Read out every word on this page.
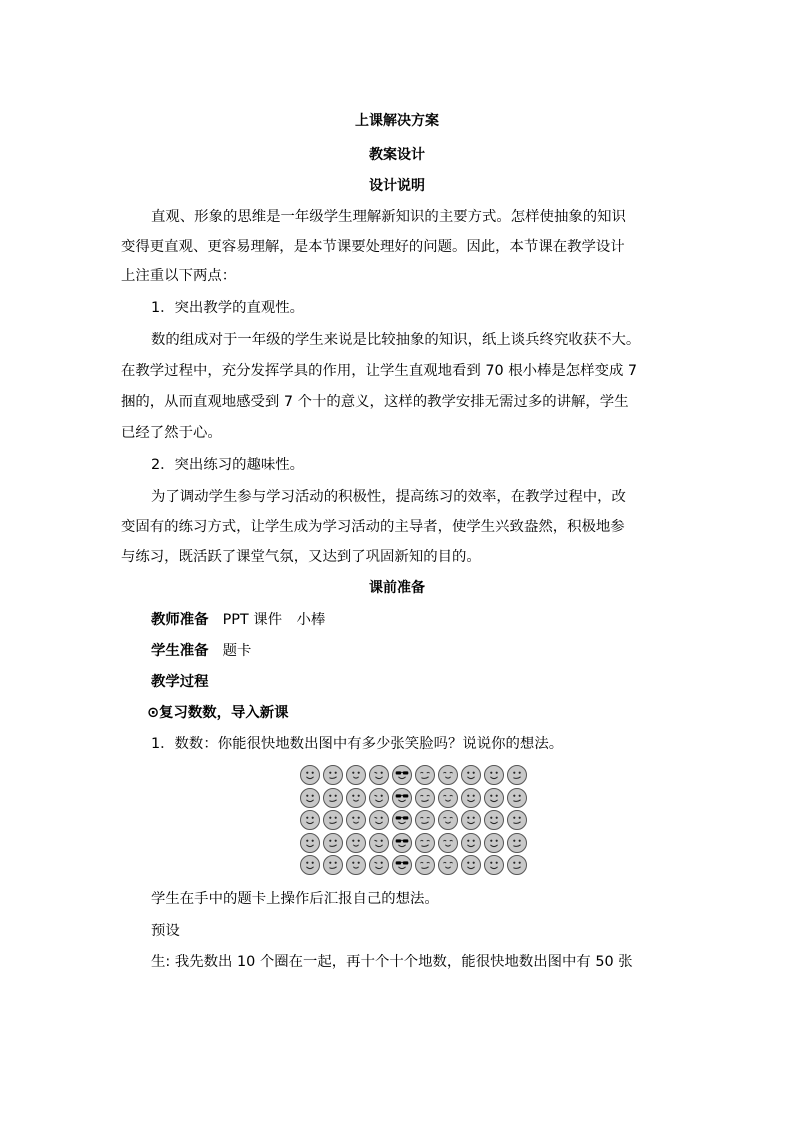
上课解决方案
教案设计
设计说明
直观、形象的思维是一年级学生理解新知识的主要方式。怎样使抽象的知识
变得更直观、更容易理解，是本节课要处理好的问题。因此，本节课在教学设计
上注重以下两点：
1．突出教学的直观性。
数的组成对于一年级的学生来说是比较抽象的知识，纸上谈兵终究收获不大。
在教学过程中，充分发挥学具的作用，让学生直观地看到 70 根小棒是怎样变成 7
捆的，从而直观地感受到 7 个十的意义，这样的教学安排无需过多的讲解，学生
已经了然于心。
2．突出练习的趣味性。
为了调动学生参与学习活动的积极性，提高练习的效率，在教学过程中，改
变固有的练习方式，让学生成为学习活动的主导者，使学生兴致盎然，积极地参
与练习，既活跃了课堂气氛，又达到了巩固新知的目的。
课前准备
教师准备 PPT 课件　小棒
学生准备 题卡
教学过程
⊙复习数数，导入新课
1．数数：你能很快地数出图中有多少张笑脸吗？说说你的想法。
学生在手中的题卡上操作后汇报自己的想法。
预设
生: 我先数出 10 个圈在一起，再十个十个地数，能很快地数出图中有 50 张
